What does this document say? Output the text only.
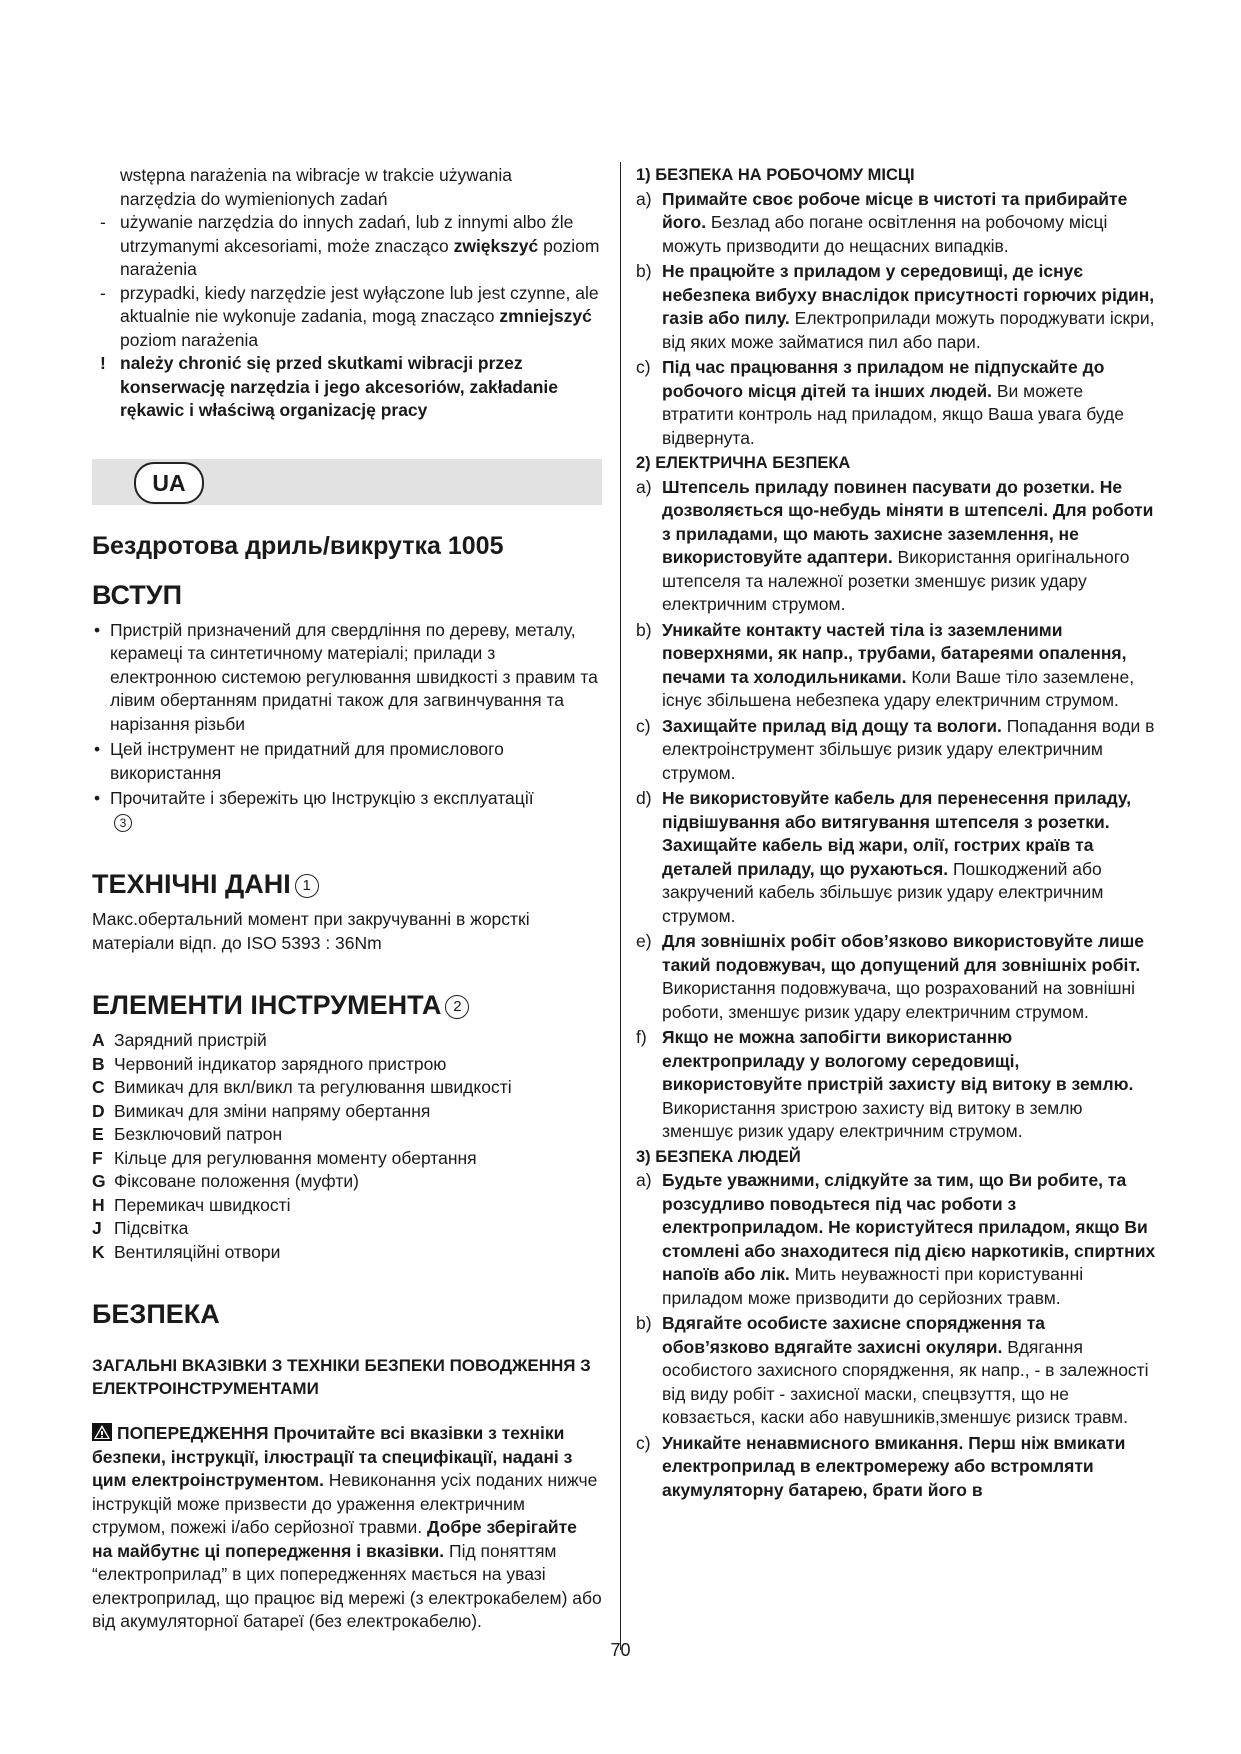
wstępna narażenia na wibracje w trakcie używania

narzędzia do wymienionych zadań

- używanie narzędzia do innych zadań, lub z innymi albo źle utrzymanymi akcesoriami, może znacząco zwiększyć poziom narażenia

- przypadki, kiedy narzędzie jest wyłączone lub jest czynne, ale aktualnie nie wykonuje zadania, mogą znacząco zmniejszyć poziom narażenia

! należy chronić się przed skutkami wibracji przez konserwację narzędzia i jego akcesoriów, zakładanie rękawic i właściwą organizację pracy

UA
Бездротова дриль/викрутка 1005
ВСТУП
• Пристрій призначений для свердління по дереву, металу, керамеці та синтетичному матеріалі; прилади з електронною системою регулювання швидкості з правим та лівим обертанням придатні також для загвинчування та нарізання різьби
• Цей інструмент не придатний для промислового використання
• Прочитайте і збережіть цю Інструкцію з експлуатації
3
ТЕХНІЧНІ ДАНІ 1

Макс.обертальний момент при закручуванні в жорсткі матеріали відп. до ISO 5393 : 36Nm

ЕЛЕМЕНТИ ІНСТРУМЕНТА 2

A Зарядний пристрій

B Червоний індикатор зарядного пристрою

C Вимикач для вкл/викл та регулювання швидкості

D Вимикач для зміни напряму обертання

E Безключовий патрон

F Кільце для регулювання моменту обертання

G Фіксоване положення (муфти)

H Перемикач швидкості

J Підсвітка

K Вентиляційні отвори

БЕЗПЕКА

ЗАГАЛЬНІ ВКАЗІВКИ З ТЕХНІКИ БЕЗПЕКИ ПОВОДЖЕННЯ З ЕЛЕКТРОІНСТРУМЕНТАМИ

ПОПЕРЕДЖЕННЯ Прочитайте всі вказівки з техніки безпеки, інструкції, ілюстрації та специфікації, надані з цим електроінструментом. Невиконання усіх поданих нижче інструкцій може призвести до ураження електричним струмом, пожежі і/або серйозної травми. Добре зберігайте на майбутнє ці попередження і вказівки. Під поняттям “електроприлад” в цих попередженнях мається на увазі електроприлад, що працює від мережі (з електрокабелем) або від акумуляторної батареї (без електрокабелю).

1) БЕЗПЕКА НА РОБОЧОМУ МІСЦІ

a) Примайте своє робоче місце в чистоті та прибирайте його. Безлад або погане освітлення на робочому місці можуть призводити до нещасних випадків.

b) Не працюйте з приладом у середовищі, де існує небезпека вибуху внаслідок присутності горючих рідин, газів або пилу. Електроприлади можуть породжувати іскри, від яких може займатися пил або пари.

c) Під час працювання з приладом не підпускайте до робочого місця дітей та інших людей. Ви можете втратити контроль над приладом, якщо Ваша увага буде відвернута.

2) ЕЛЕКТРИЧНА БЕЗПЕКА

a) Штепсель приладу повинен пасувати до розетки. Не дозволяється що-небудь міняти в штепселі. Для роботи з приладами, що мають захисне заземлення, не використовуйте адаптери. Використання оригінального штепселя та належної розетки зменшує ризик удару електричним струмом.

b) Уникайте контакту частей тіла із заземленими поверхнями, як напр., трубами, батареями опалення, печами та холодильниками. Коли Ваше тіло заземлене, існує збільшена небезпека удару електричним струмом.

c) Захищайте прилад від дощу та вологи. Попадання води в електроінструмент збільшує ризик удару електричним струмом.

d) Не використовуйте кабель для перенесення приладу, підвішування або витягування штепселя з розетки. Захищайте кабель від жари, олії, гострих країв та деталей приладу, що рухаються. Пошкоджений або закручений кабель збільшує ризик удару електричним струмом.

e) Для зовнішніх робіт обов’язково використовуйте лише такий подовжувач, що допущений для зовнішніх робіт. Використання подовжувача, що розрахований на зовнішні роботи, зменшує ризик удару електричним струмом.

f) Якщо не можна запобігти використанню електроприладу у вологому середовищі, використовуйте пристрій захисту від витоку в землю. Використання зристрою захисту від витоку в землю зменшує ризик удару електричним струмом.

3) БЕЗПЕКА ЛЮДЕЙ

a) Будьте уважними, слідкуйте за тим, що Ви робите, та розсудливо поводьтеся під час роботи з електроприладом. Не користуйтеся приладом, якщо Ви стомлені або знаходитеся під дією наркотиків, спиртних напоїв або лік. Мить неуважності при користуванні приладом може призводити до серйозних травм.

b) Вдягайте особисте захисне спорядження та обов’язково вдягайте захисні окуляри. Вдягання особистого захисного спорядження, як напр., - в залежності від виду робіт - захисної маски, спецвзуття, що не ковзається, каски або навушників,зменшує ризиск травм.

c) Уникайте ненавмисного вмикання. Перш ніж вмикати електроприлад в електромережу або встромляти акумуляторну батарею, брати його в

70
